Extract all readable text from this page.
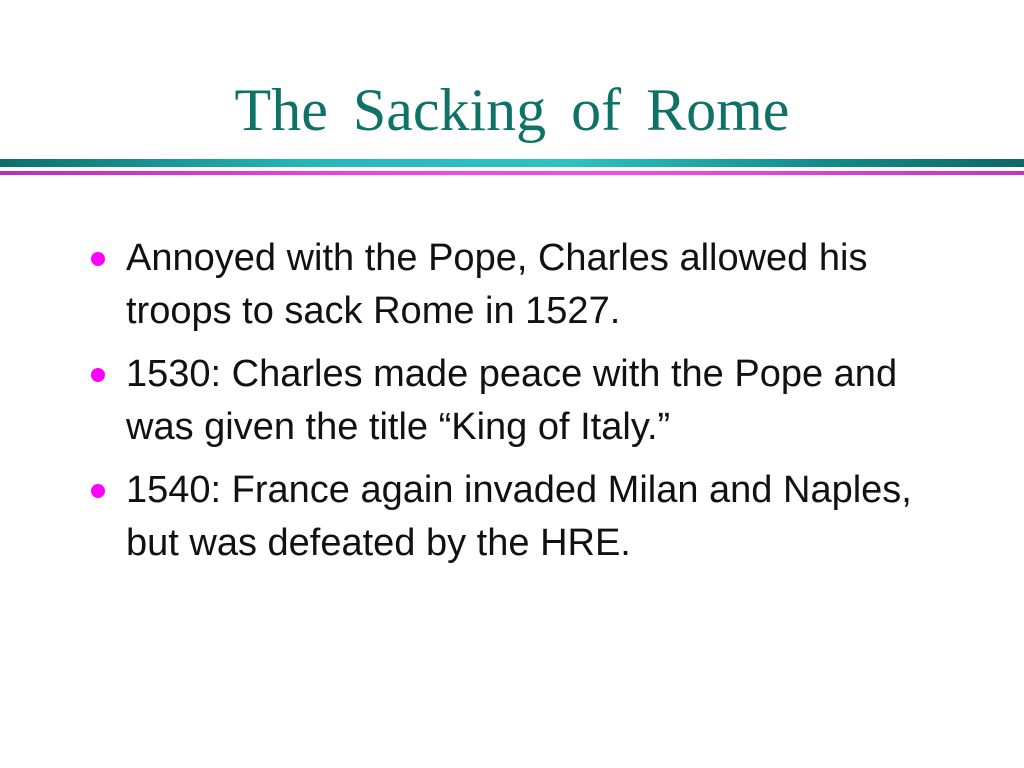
The Sacking of Rome
Annoyed with the Pope, Charles allowed his troops to sack Rome in 1527.
1530: Charles made peace with the Pope and was given the title “King of Italy.”
1540: France again invaded Milan and Naples, but was defeated by the HRE.
